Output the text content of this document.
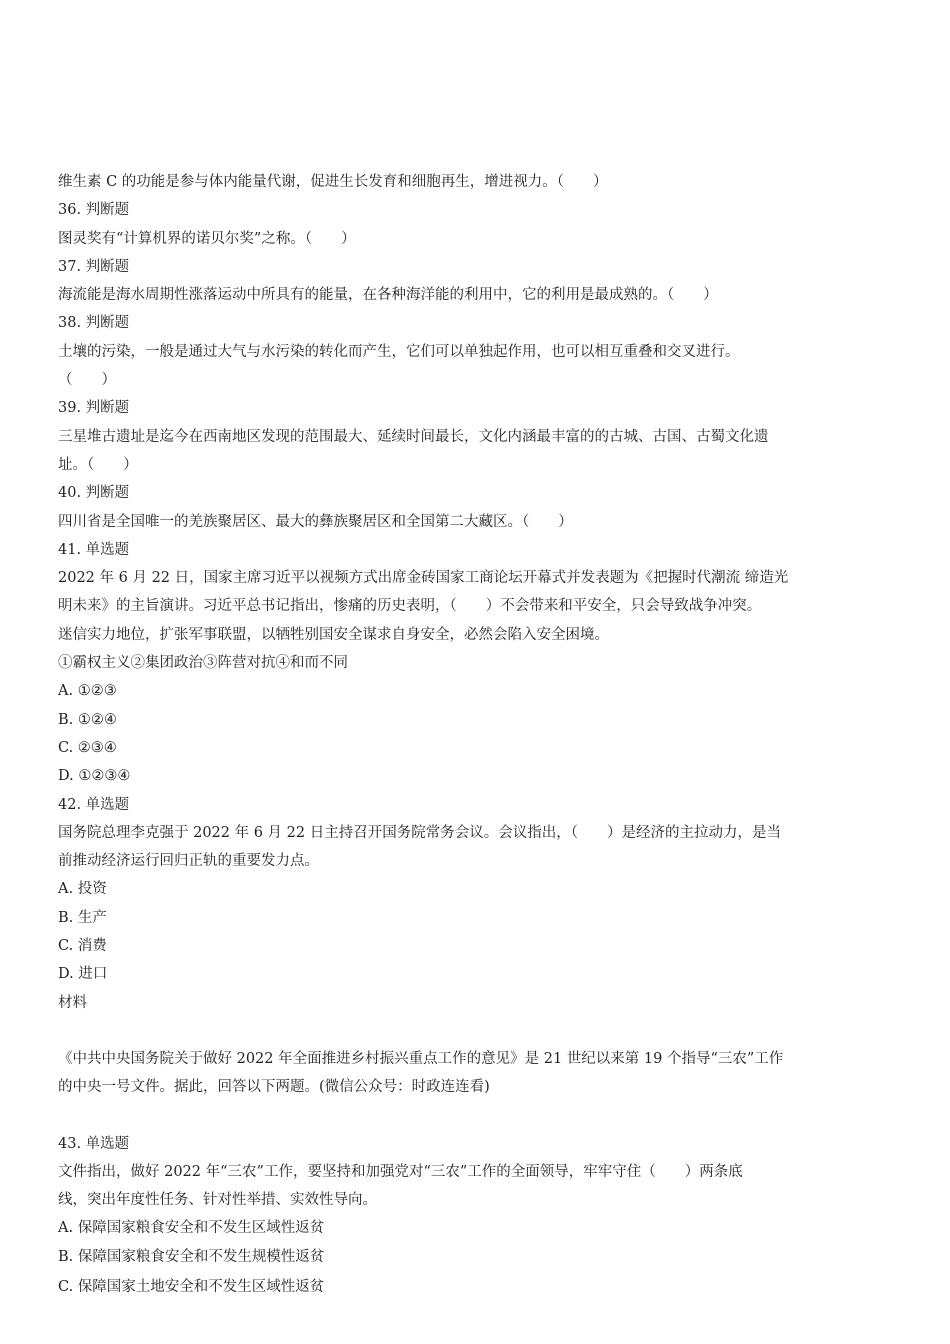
维生素 C 的功能是参与体内能量代谢，促进生长发育和细胞再生，增进视力。（　　）
36. 判断题
图灵奖有“计算机界的诺贝尔奖”之称。（　　）
37. 判断题
海流能是海水周期性涨落运动中所具有的能量，在各种海洋能的利用中，它的利用是最成熟的。（　　）
38. 判断题
土壤的污染，一般是通过大气与水污染的转化而产生，它们可以单独起作用，也可以相互重叠和交叉进行。
（　　）
39. 判断题
三星堆古遗址是迄今在西南地区发现的范围最大、延续时间最长，文化内涵最丰富的的古城、古国、古蜀文化遗
址。（　　）
40. 判断题
四川省是全国唯一的羌族聚居区、最大的彝族聚居区和全国第二大藏区。（　　）
41. 单选题
2022 年 6 月 22 日，国家主席习近平以视频方式出席金砖国家工商论坛开幕式并发表题为《把握时代潮流 缔造光
明未来》的主旨演讲。习近平总书记指出，惨痛的历史表明，（　　）不会带来和平安全，只会导致战争冲突。
迷信实力地位，扩张军事联盟，以牺牲别国安全谋求自身安全，必然会陷入安全困境。
①霸权主义②集团政治③阵营对抗④和而不同
A. ①②③
B. ①②④
C. ②③④
D. ①②③④
42. 单选题
国务院总理李克强于 2022 年 6 月 22 日主持召开国务院常务会议。会议指出，（　　）是经济的主拉动力，是当
前推动经济运行回归正轨的重要发力点。
A. 投资
B. 生产
C. 消费
D. 进口
材料
《中共中央国务院关于做好 2022 年全面推进乡村振兴重点工作的意见》是 21 世纪以来第 19 个指导“三农”工作
的中央一号文件。据此，回答以下两题。(微信公众号：时政连连看)
43. 单选题
文件指出，做好 2022 年“三农”工作，要坚持和加强党对“三农”工作的全面领导，牢牢守住（　　）两条底
线，突出年度性任务、针对性举措、实效性导向。
A. 保障国家粮食安全和不发生区域性返贫
B. 保障国家粮食安全和不发生规模性返贫
C. 保障国家土地安全和不发生区域性返贫
